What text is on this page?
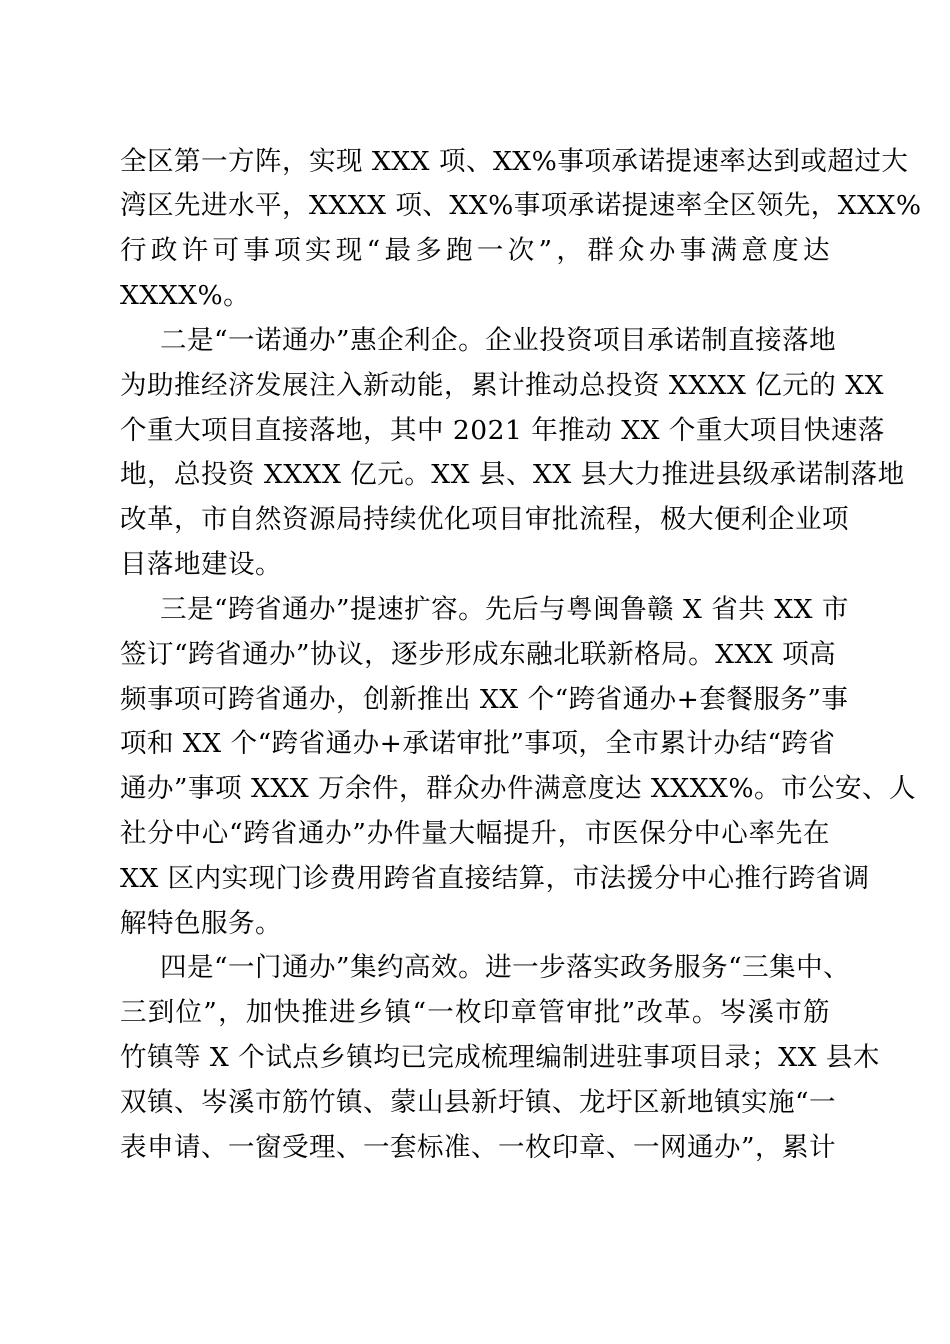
全区第一方阵，实现 XXX 项、XX%事项承诺提速率达到或超过大
湾区先进水平，XXXX 项、XX%事项承诺提速率全区领先，XXX%
行政许可事项实现“最多跑一次”，群众办事满意度达
XXXX%。
二是“一诺通办”惠企利企。企业投资项目承诺制直接落地
为助推经济发展注入新动能，累计推动总投资 XXXX 亿元的 XX
个重大项目直接落地，其中 2021 年推动 XX 个重大项目快速落
地，总投资 XXXX 亿元。XX 县、XX 县大力推进县级承诺制落地
改革，市自然资源局持续优化项目审批流程，极大便利企业项
目落地建设。
三是“跨省通办”提速扩容。先后与粤闽鲁赣 X 省共 XX 市
签订“跨省通办”协议，逐步形成东融北联新格局。XXX 项高
频事项可跨省通办，创新推出 XX 个“跨省通办+套餐服务”事
项和 XX 个“跨省通办+承诺审批”事项，全市累计办结“跨省
通办”事项 XXX 万余件，群众办件满意度达 XXXX%。市公安、人
社分中心“跨省通办”办件量大幅提升，市医保分中心率先在
XX 区内实现门诊费用跨省直接结算，市法援分中心推行跨省调
解特色服务。
四是“一门通办”集约高效。进一步落实政务服务“三集中、
三到位”，加快推进乡镇“一枚印章管审批”改革。岑溪市筋
竹镇等 X 个试点乡镇均已完成梳理编制进驻事项目录；XX 县木
双镇、岑溪市筋竹镇、蒙山县新圩镇、龙圩区新地镇实施“一
表申请、一窗受理、一套标准、一枚印章、一网通办”，累计
